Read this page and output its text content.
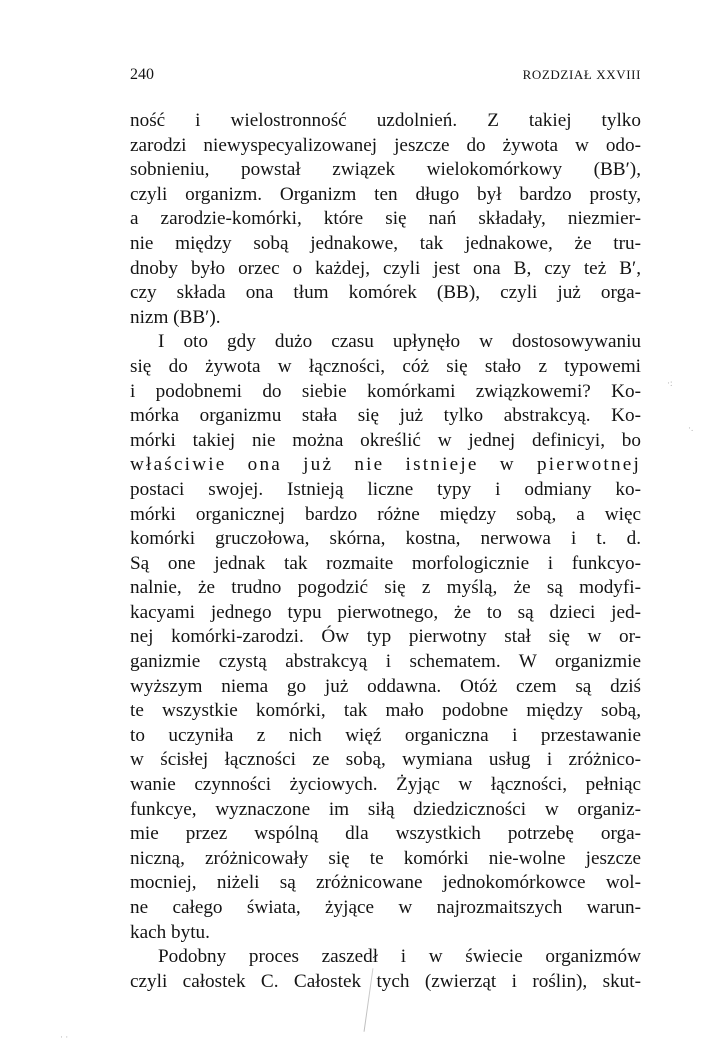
240	ROZDZIAŁ XXVIII
ność i wielostronność uzdolnień. Z takiej tylko
zarodzi niewyspecyalizowanej jeszcze do żywota w odo-
sobnieniu, powstał związek wielokomórkowy (BB′),
czyli organizm. Organizm ten długo był bardzo prosty,
a zarodzie-komórki, które się nań składały, niezmier-
nie między sobą jednakowe, tak jednakowe, że tru-
dnoby było orzec o każdej, czyli jest ona B, czy też B′,
czy składa ona tłum komórek (BB), czyli już orga-
nizm (BB′).
I oto gdy dużo czasu upłynęło w dostosowywaniu
się do żywota w łączności, cóż się stało z typowemi
i podobnemi do siebie komórkami związkowemi? Ko-
mórka organizmu stała się już tylko abstrakcyą. Ko-
mórki takiej nie można określić w jednej definicyi, bo
właściwie ona już nie istnieje w pierwotnej
postaci swojej. Istnieją liczne typy i odmiany ko-
mórki organicznej bardzo różne między sobą, a więc
komórki gruczołowa, skórna, kostna, nerwowa i t. d.
Są one jednak tak rozmaite morfologicznie i funkcyo-
nalnie, że trudno pogodzić się z myślą, że są modyfi-
kacyami jednego typu pierwotnego, że to są dzieci jed-
nej komórki-zarodzi. Ów typ pierwotny stał się w or-
ganizmie czystą abstrakcyą i schematem. W organizmie
wyższym niema go już oddawna. Otóż czem są dziś
te wszystkie komórki, tak mało podobne między sobą,
to uczyniła z nich więź organiczna i przestawanie
w ścisłej łączności ze sobą, wymiana usług i zróżnico-
wanie czynności życiowych. Żyjąc w łączności, pełniąc
funkcye, wyznaczone im siłą dziedziczności w organiz-
mie przez wspólną dla wszystkich potrzebę orga-
niczną, zróżnicowały się te komórki nie-wolne jeszcze
mocniej, niżeli są zróżnicowane jednokomórkowce wol-
ne całego świata, żyjące w najrozmaitszych warun-
kach bytu.
Podobny proces zaszedł i w świecie organizmów
czyli całostek C. Całostek tych (zwierząt i roślin), skut-
·:
·.
· ·
